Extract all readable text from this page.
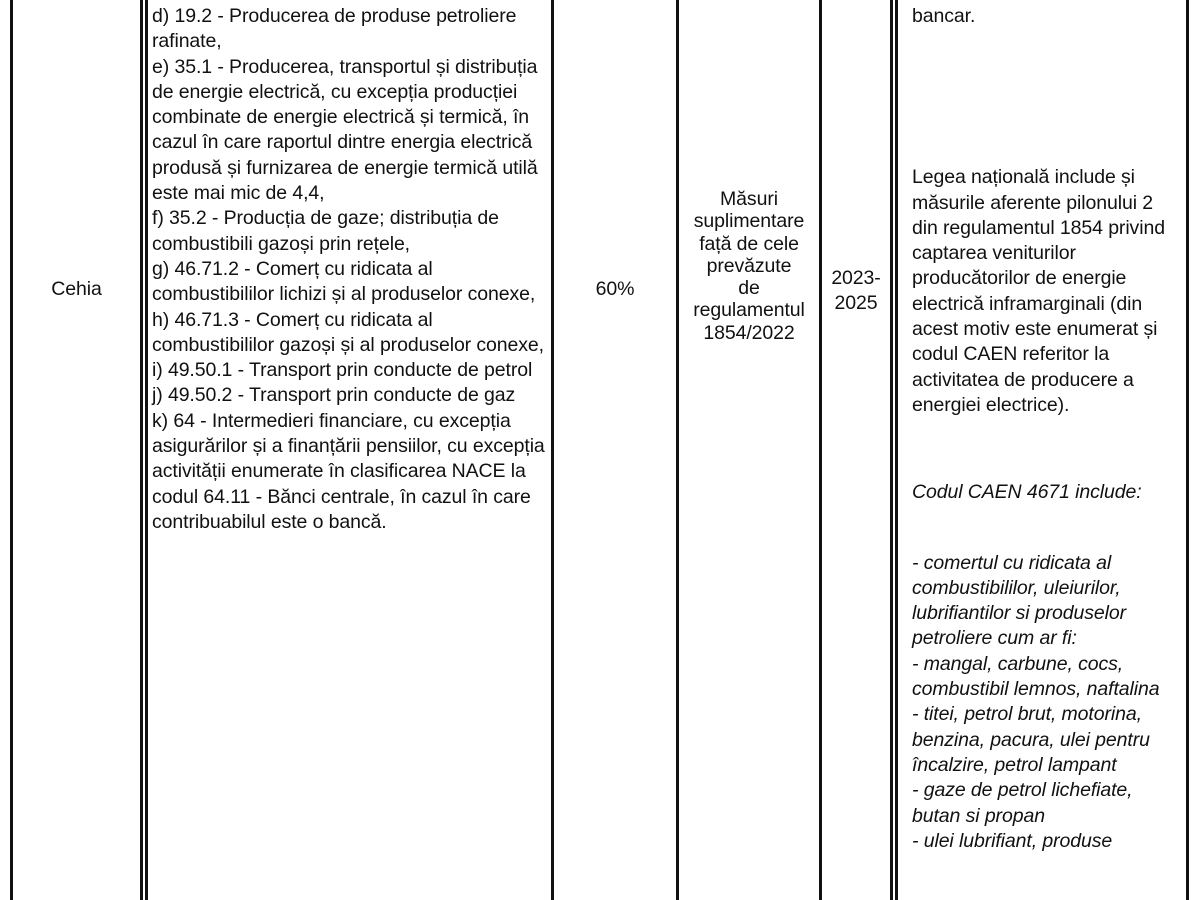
Cehia
d) 19.2 - Producerea de produse petroliere rafinate,
e) 35.1 - Producerea, transportul și distribuția de energie electrică, cu excepția producției combinate de energie electrică și termică, în cazul în care raportul dintre energia electrică produsă și furnizarea de energie termică utilă este mai mic de 4,4,
f) 35.2 - Producția de gaze; distribuția de combustibili gazoși prin rețele,
g) 46.71.2 - Comerț cu ridicata al combustibililor lichizi și al produselor conexe,
h) 46.71.3 - Comerț cu ridicata al combustibililor gazoși și al produselor conexe,
i) 49.50.1 - Transport prin conducte de petrol
j) 49.50.2 - Transport prin conducte de gaz
k) 64 - Intermedieri financiare, cu excepția asigurărilor și a finanțării pensiilor, cu excepția activității enumerate în clasificarea NACE la codul 64.11 - Bănci centrale, în cazul în care contribuabilul este o bancă.
60%
Măsuri
suplimentare
față de cele
prevăzute
de
regulamentul
1854/2022
2023-
2025
bancar.
Legea națională include și măsurile aferente pilonului 2 din regulamentul 1854 privind captarea veniturilor producătorilor de energie electrică inframarginali (din acest motiv este enumerat și codul CAEN referitor la activitatea de producere a energiei electrice).
Codul CAEN 4671 include:
- comertul cu ridicata al combustibililor, uleiurilor, lubrifiantilor si produselor petroliere cum ar fi:
- mangal, carbune, cocs, combustibil lemnos, naftalina
- titei, petrol brut, motorina, benzina, pacura, ulei pentru încalzire, petrol lampant
- gaze de petrol lichefiate, butan si propan
- ulei lubrifiant, produse
